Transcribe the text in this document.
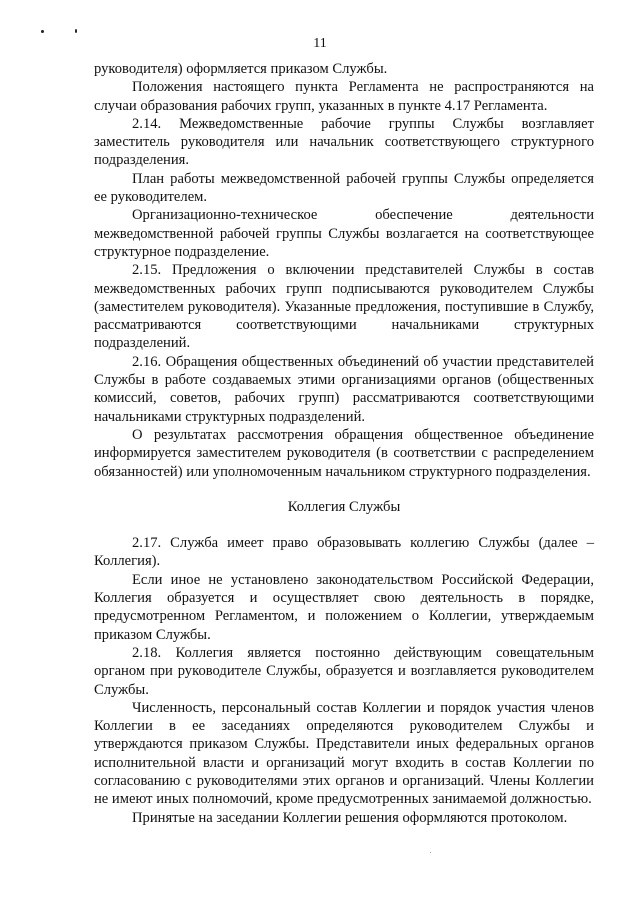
11

руководителя) оформляется приказом Службы.

Положения настоящего пункта Регламента не распространяются на случаи образования рабочих групп, указанных в пункте 4.17 Регламента.

2.14. Межведомственные рабочие группы Службы возглавляет заместитель руководителя или начальник соответствующего структурного подразделения.

План работы межведомственной рабочей группы Службы определяется ее руководителем.

Организационно-техническое обеспечение деятельности межведомственной рабочей группы Службы возлагается на соответствующее структурное подразделение.

2.15. Предложения о включении представителей Службы в состав межведомственных рабочих групп подписываются руководителем Службы (заместителем руководителя). Указанные предложения, поступившие в Службу, рассматриваются соответствующими начальниками структурных подразделений.

2.16. Обращения общественных объединений об участии представителей Службы в работе создаваемых этими организациями органов (общественных комиссий, советов, рабочих групп) рассматриваются соответствующими начальниками структурных подразделений.

О результатах рассмотрения обращения общественное объединение информируется заместителем руководителя (в соответствии с распределением обязанностей) или уполномоченным начальником структурного подразделения.

Коллегия Службы

2.17. Служба имеет право образовывать коллегию Службы (далее – Коллегия).

Если иное не установлено законодательством Российской Федерации, Коллегия образуется и осуществляет свою деятельность в порядке, предусмотренном Регламентом, и положением о Коллегии, утверждаемым приказом Службы.

2.18. Коллегия является постоянно действующим совещательным органом при руководителе Службы, образуется и возглавляется руководителем Службы.

Численность, персональный состав Коллегии и порядок участия членов Коллегии в ее заседаниях определяются руководителем Службы и утверждаются приказом Службы. Представители иных федеральных органов исполнительной власти и организаций могут входить в состав Коллегии по согласованию с руководителями этих органов и организаций. Члены Коллегии не имеют иных полномочий, кроме предусмотренных занимаемой должностью.

Принятые на заседании Коллегии решения оформляются протоколом.
